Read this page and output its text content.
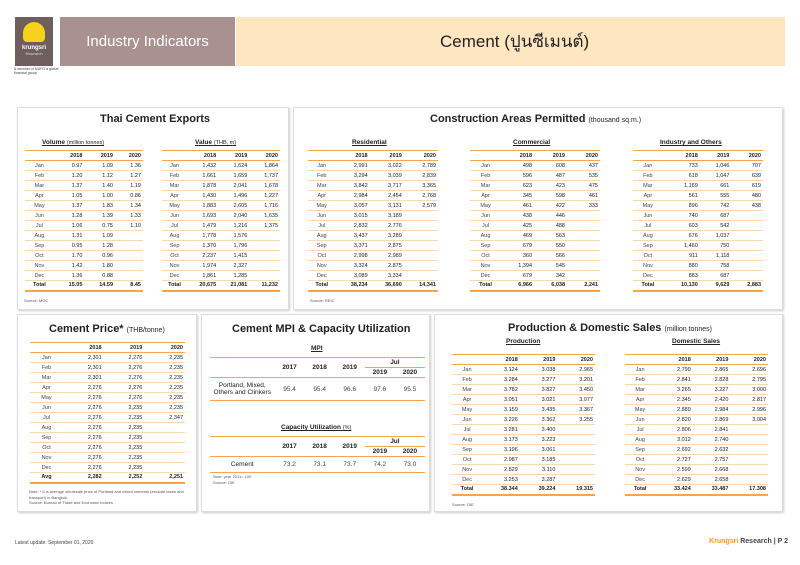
krungsri
Research
A member of MUFG a global financial group
Industry Indicators	Cement (ปูนซีเมนต์)
Thai Cement Exports
Volume (million tonnes)	Value (THB, m)
	2018	2019	2020
Jan	0.97	1.09	1.36
Feb	1.20	1.12	1.27
Mar	1.37	1.40	1.19
Apr	1.05	1.00	0.86
May	1.37	1.83	1.34
Jun	1.28	1.39	1.33
Jul	1.06	0.75	1.10
Aug	1.31	1.09	
Sep	0.95	1.28	
Oct	1.70	0.96	
Nov	1.42	1.80	
Dec	1.36	0.88	
Total	15.05	14.59	8.45
	2018	2019	2020
Jan	1,432	1,624	1,864
Feb	1,661	1,659	1,737
Mar	1,878	2,041	1,678
Apr	1,430	1,496	1,227
May	1,883	2,605	1,716
Jun	1,693	2,040	1,635
Jul	1,479	1,216	1,375
Aug	1,778	1,576	
Sep	1,370	1,796	
Oct	2,237	1,415	
Nov	1,974	2,327	
Dec	1,861	1,285	
Total	20,675	21,081	11,232
Source: MOC
Construction Areas Permitted (thousand sq.m.)
Residential	Commercial	Industry and Others
	2018	2019	2020
Jan	2,991	3,022	2,789
Feb	3,294	3,039	2,839
Mar	3,842	3,717	3,365
Apr	2,984	2,454	2,768
May	3,057	3,131	2,579
Jun	3,015	3,189	
Jul	2,832	2,776	
Aug	3,437	3,289	
Sep	3,371	2,875	
Oct	2,998	2,989	
Nov	3,324	2,875	
Dec	3,089	3,334	
Total	38,234	36,690	14,341
	2018	2019	2020
Jan	498	608	437
Feb	596	487	535
Mar	623	423	475
Apr	345	598	461
May	461	422	333
Jun	438	446	
Jul	425	488	
Aug	469	563	
Sep	679	550	
Oct	360	566	
Nov	1,394	545	
Dec	679	342	
Total	6,966	6,038	2,241
	2018	2019	2020
Jan	733	1,046	707
Feb	618	1,047	639
Mar	1,169	661	619
Apr	561	555	480
May	896	742	438
Jun	740	687	
Jul	603	542	
Aug	676	1,037	
Sep	1,460	750	
Oct	911	1,118	
Nov	880	758	
Dec	883	687	
Total	10,130	9,629	2,883
Source: REIC
Cement Price* (THB/tonne)
	2018	2019	2020
Jan	2,301	2,276	2,235
Feb	2,301	2,276	2,235
Mar	2,301	2,276	2,235
Apr	2,276	2,276	2,235
May	2,276	2,276	2,235
Jun	2,276	2,235	2,235
Jul	2,276	2,235	2,347
Aug	2,276	2,235	
Sep	2,276	2,235	
Oct	2,276	2,235	
Nov	2,276	2,235	
Dec	2,276	2,235	
Avg	2,282	2,252	2,251
Note: * It is average wholesale price of Portland and mixed cements (exclude taxes and transport) in Bangkok.
Source: Bureau of Trade and Economic Indices
Cement MPI & Capacity Utilization
MPI
	2017	2018	2019	Jul	
				2019	2020
Portland, Mixed, Others and Clinkers	95.4	95.4	96.6	97.6	95.5
Capacity Utilization (%)
	2017	2018	2019	Jul	
				2019	2020
Cement	73.2	73.1	73.7	74.2	73.0
Note: year 2011= 100
Source: OIE
Production & Domestic Sales (million tonnes)
Production	Domestic Sales
	2018	2019	2020
Jan	3.124	3.038	2.965
Feb	3.284	3.277	3.201
Mar	3.782	3.827	3.450
Apr	3.051	3.021	3.077
May	3.159	3.435	3.367
Jun	3.226	3.362	3.255
Jul	3.281	3.400	
Aug	3.173	3.223	
Sep	3.196	3.061	
Oct	2.987	3.185	
Nov	2.829	3.110	
Dec	3.253	3.287	
Total	38.344	39.224	19.315
	2018	2019	2020
Jan	2.799	2.865	2.696
Feb	2.841	2.828	2.795
Mar	3.265	3.227	3.000
Apr	2.345	2.420	2.817
May	2.889	2.984	2.996
Jun	2.820	2.869	3.004
Jul	2.806	2.841	
Aug	3.012	2.740	
Sep	2.692	2.632	
Oct	2.727	2.757	
Nov	2.599	2.668	
Dec	2.629	2.658	
Total	33.424	33.487	17.308
Source: OIE
Latest update: September 01, 2020	Krungsri Research | P 2
